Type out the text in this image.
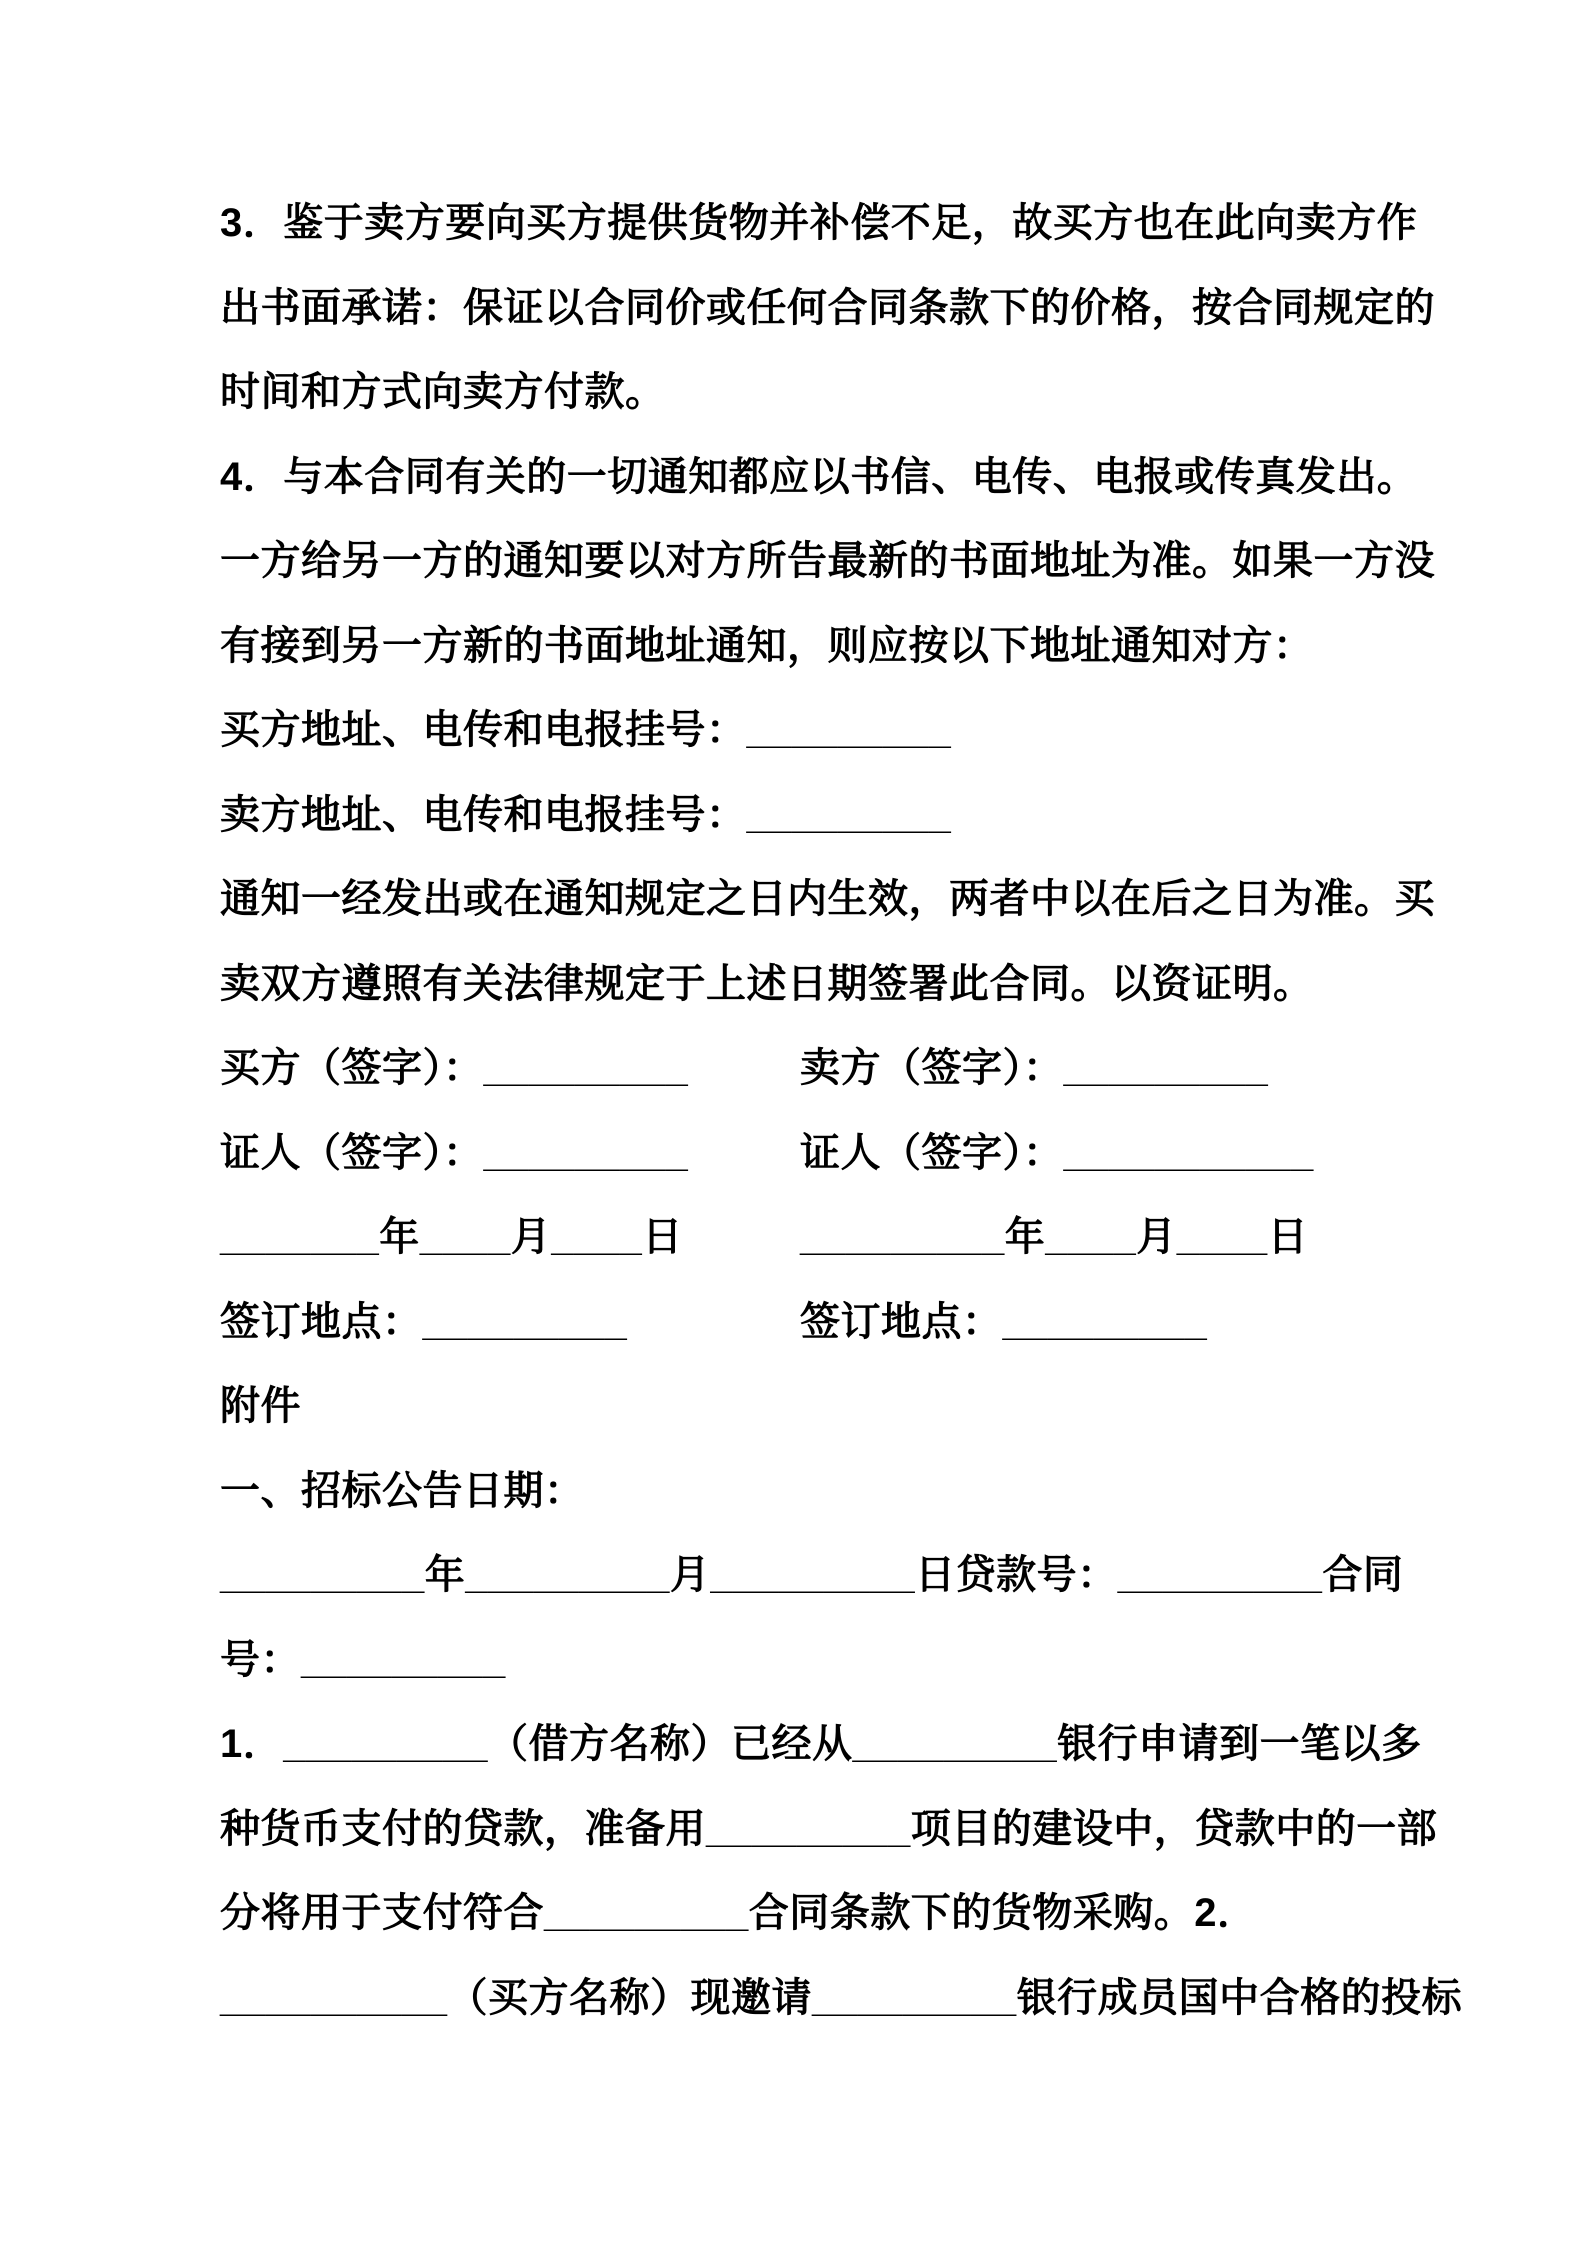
3．鉴于卖方要向买方提供货物并补偿不足，故买方也在此向卖方作
出书面承诺：保证以合同价或任何合同条款下的价格，按合同规定的
时间和方式向卖方付款。
4．与本合同有关的一切通知都应以书信、电传、电报或传真发出。
一方给另一方的通知要以对方所告最新的书面地址为准。如果一方没
有接到另一方新的书面地址通知，则应按以下地址通知对方：
买方地址、电传和电报挂号：_________
卖方地址、电传和电报挂号：_________
通知一经发出或在通知规定之日内生效，两者中以在后之日为准。买
卖双方遵照有关法律规定于上述日期签署此合同。以资证明。
买方（签字）：_________	卖方（签字）：_________
证人（签字）：_________	证人（签字）：___________
_______年____月____日	_________年____月____日
签订地点：_________	签订地点：_________
附件
一、招标公告日期：
_________年_________月_________日贷款号：_________合同
号：_________
1．_________（借方名称）已经从_________银行申请到一笔以多
种货币支付的贷款，准备用_________项目的建设中，贷款中的一部
分将用于支付符合_________合同条款下的货物采购。2．
__________（买方名称）现邀请_________银行成员国中合格的投标
